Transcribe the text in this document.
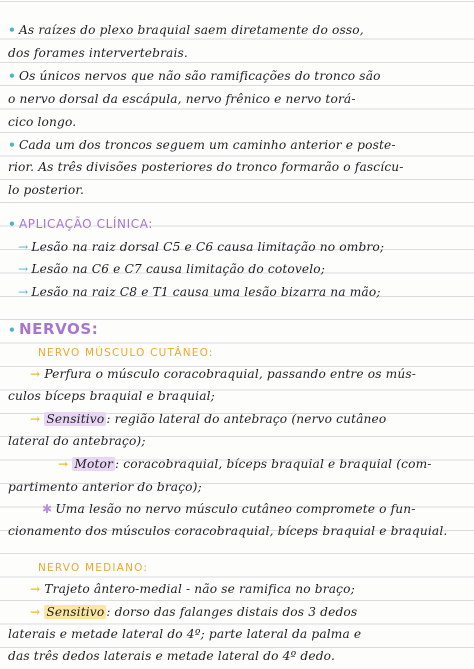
• As raízes do plexo braquial saem diretamente do osso,
dos forames intervertebrais.
• Os únicos nervos que não são ramificações do tronco são
o nervo dorsal da escápula, nervo frênico e nervo torá-
cico longo.
• Cada um dos troncos seguem um caminho anterior e poste-
rior. As três divisões posteriores do tronco formarão o fascícu-
lo posterior.
• APLICAÇÃO CLÍNICA:
→ Lesão na raiz dorsal C5 e C6 causa limitação no ombro;
→ Lesão na C6 e C7 causa limitação do cotovelo;
→ Lesão na raiz C8 e T1 causa uma lesão bizarra na mão;
• NERVOS:
NERVO MÚSCULO CUTÂNEO:
→ Perfura o músculo coracobraquial, passando entre os mús-
culos bíceps braquial e braquial;
→ Sensitivo : região lateral do antebraço (nervo cutâneo
lateral do antebraço);
→ Motor : coracobraquial, bíceps braquial e braquial (com-
partimento anterior do braço);
✱ Uma lesão no nervo músculo cutâneo compromete o fun-
cionamento dos músculos coracobraquial, bíceps braquial e braquial.
NERVO MEDIANO:
→ Trajeto ântero-medial - não se ramifica no braço;
→ Sensitivo : dorso das falanges distais dos 3 dedos
laterais e metade lateral do 4º; parte lateral da palma e
das três dedos laterais e metade lateral do 4º dedo.
